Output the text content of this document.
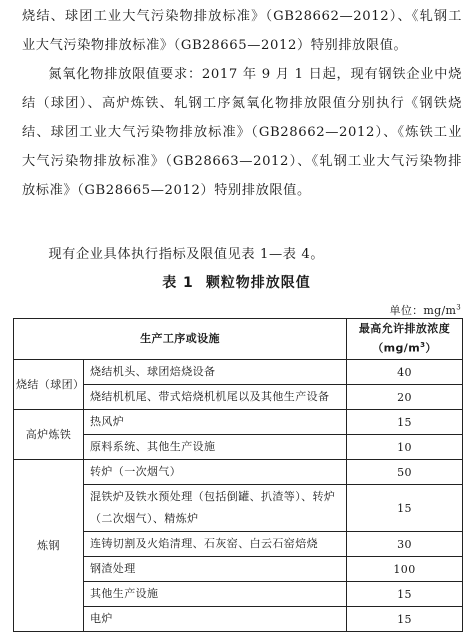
烧结、球团工业大气污染物排放标准》（GB28662—2012）、《轧钢工业大气污染物排放标准》（GB28665—2012）特别排放限值。
氮氧化物排放限值要求：2017 年 9 月 1 日起，现有钢铁企业中烧结（球团）、高炉炼铁、轧钢工序氮氧化物排放限值分别执行《钢铁烧结、球团工业大气污染物排放标准》（GB28662—2012）、《炼铁工业大气污染物排放标准》（GB28663—2012）、《轧钢工业大气污染物排放标准》（GB28665—2012）特别排放限值。
现有企业具体执行指标及限值见表 1—表 4。
表 1 颗粒物排放限值
单位：$mg/m^3$
生产工序或设施		最高允许排放浓度
$(mg/m^3)$
烧结（球团）	烧结机头、球团焙烧设备	40
	烧结机机尾、带式焙烧机机尾以及其他生产设备	20
高炉炼铁	热风炉	15
	原料系统、其他生产设施	10
炼钢	转炉（一次烟气）	50
	混铁炉及铁水预处理（包括倒罐、扒渣等）、转炉（二次烟气）、精炼炉	15
	连铸切割及火焰清理、石灰窑、白云石窑焙烧	30
	钢渣处理	100
	其他生产设施	15
	电炉	15
